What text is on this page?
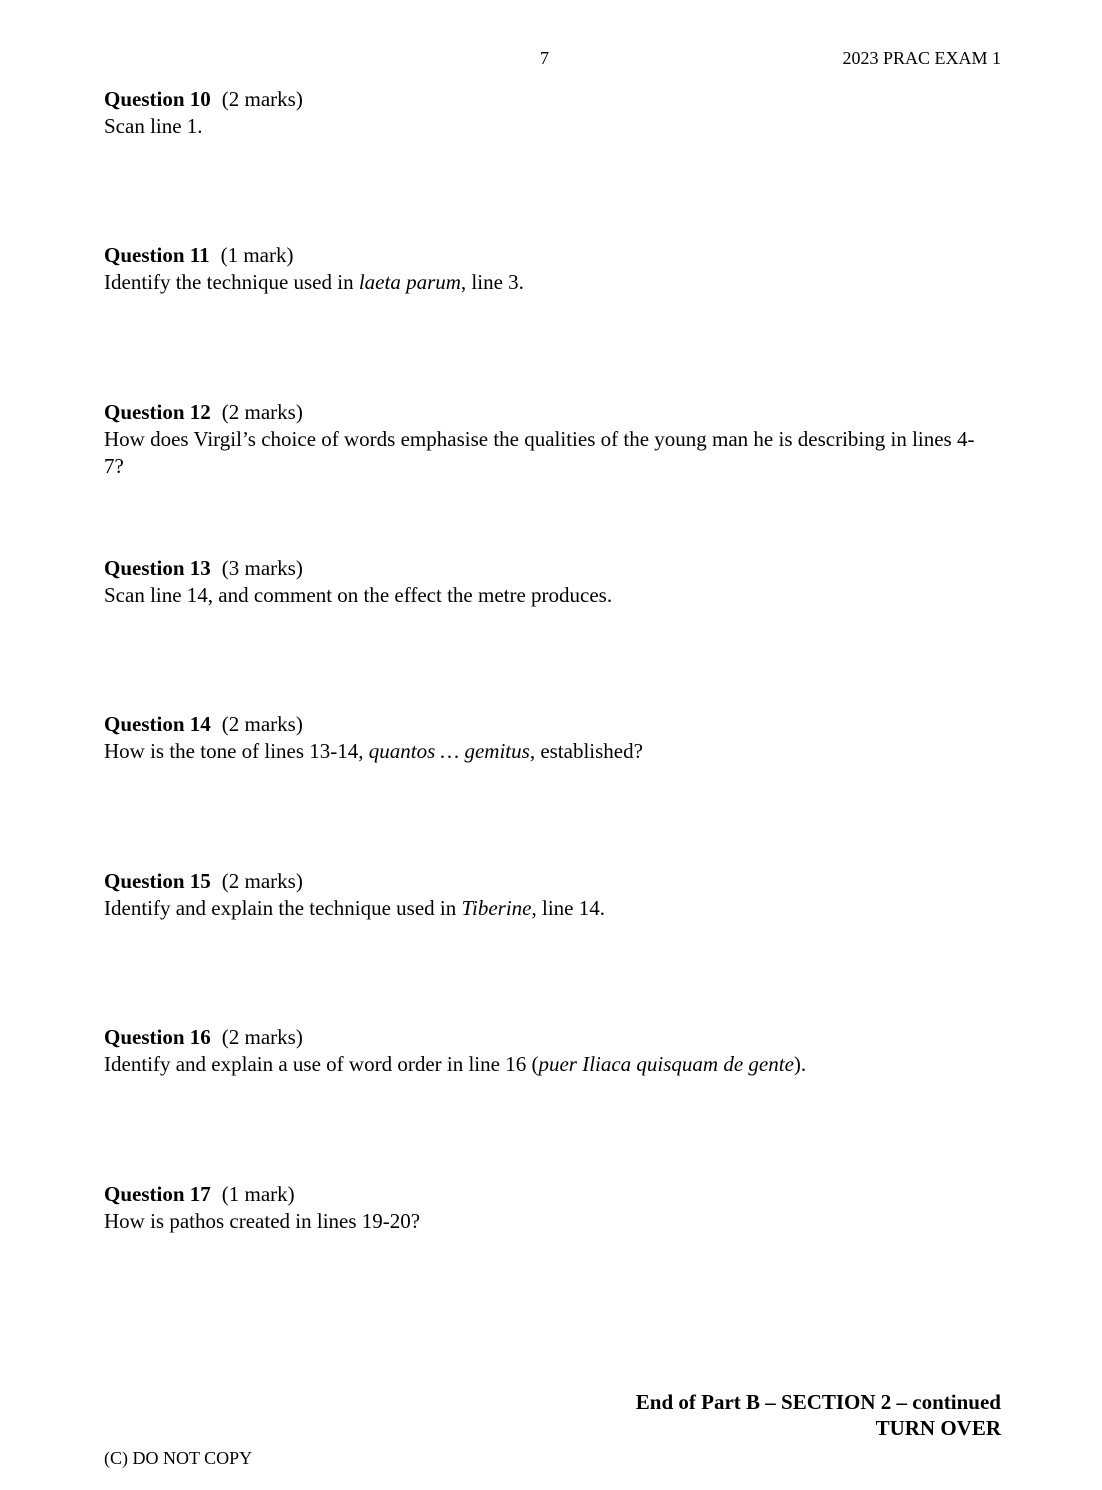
7	2023 PRAC EXAM 1
Question 10 (2 marks)
Scan line 1.
Question 11 (1 mark)
Identify the technique used in laeta parum, line 3.
Question 12 (2 marks)
How does Virgil’s choice of words emphasise the qualities of the young man he is describing in lines 4-7?
Question 13 (3 marks)
Scan line 14, and comment on the effect the metre produces.
Question 14 (2 marks)
How is the tone of lines 13-14, quantos … gemitus, established?
Question 15 (2 marks)
Identify and explain the technique used in Tiberine, line 14.
Question 16 (2 marks)
Identify and explain a use of word order in line 16 (puer Iliaca quisquam de gente).
Question 17 (1 mark)
How is pathos created in lines 19-20?
End of Part B – SECTION 2 – continued
TURN OVER
(C) DO NOT COPY
